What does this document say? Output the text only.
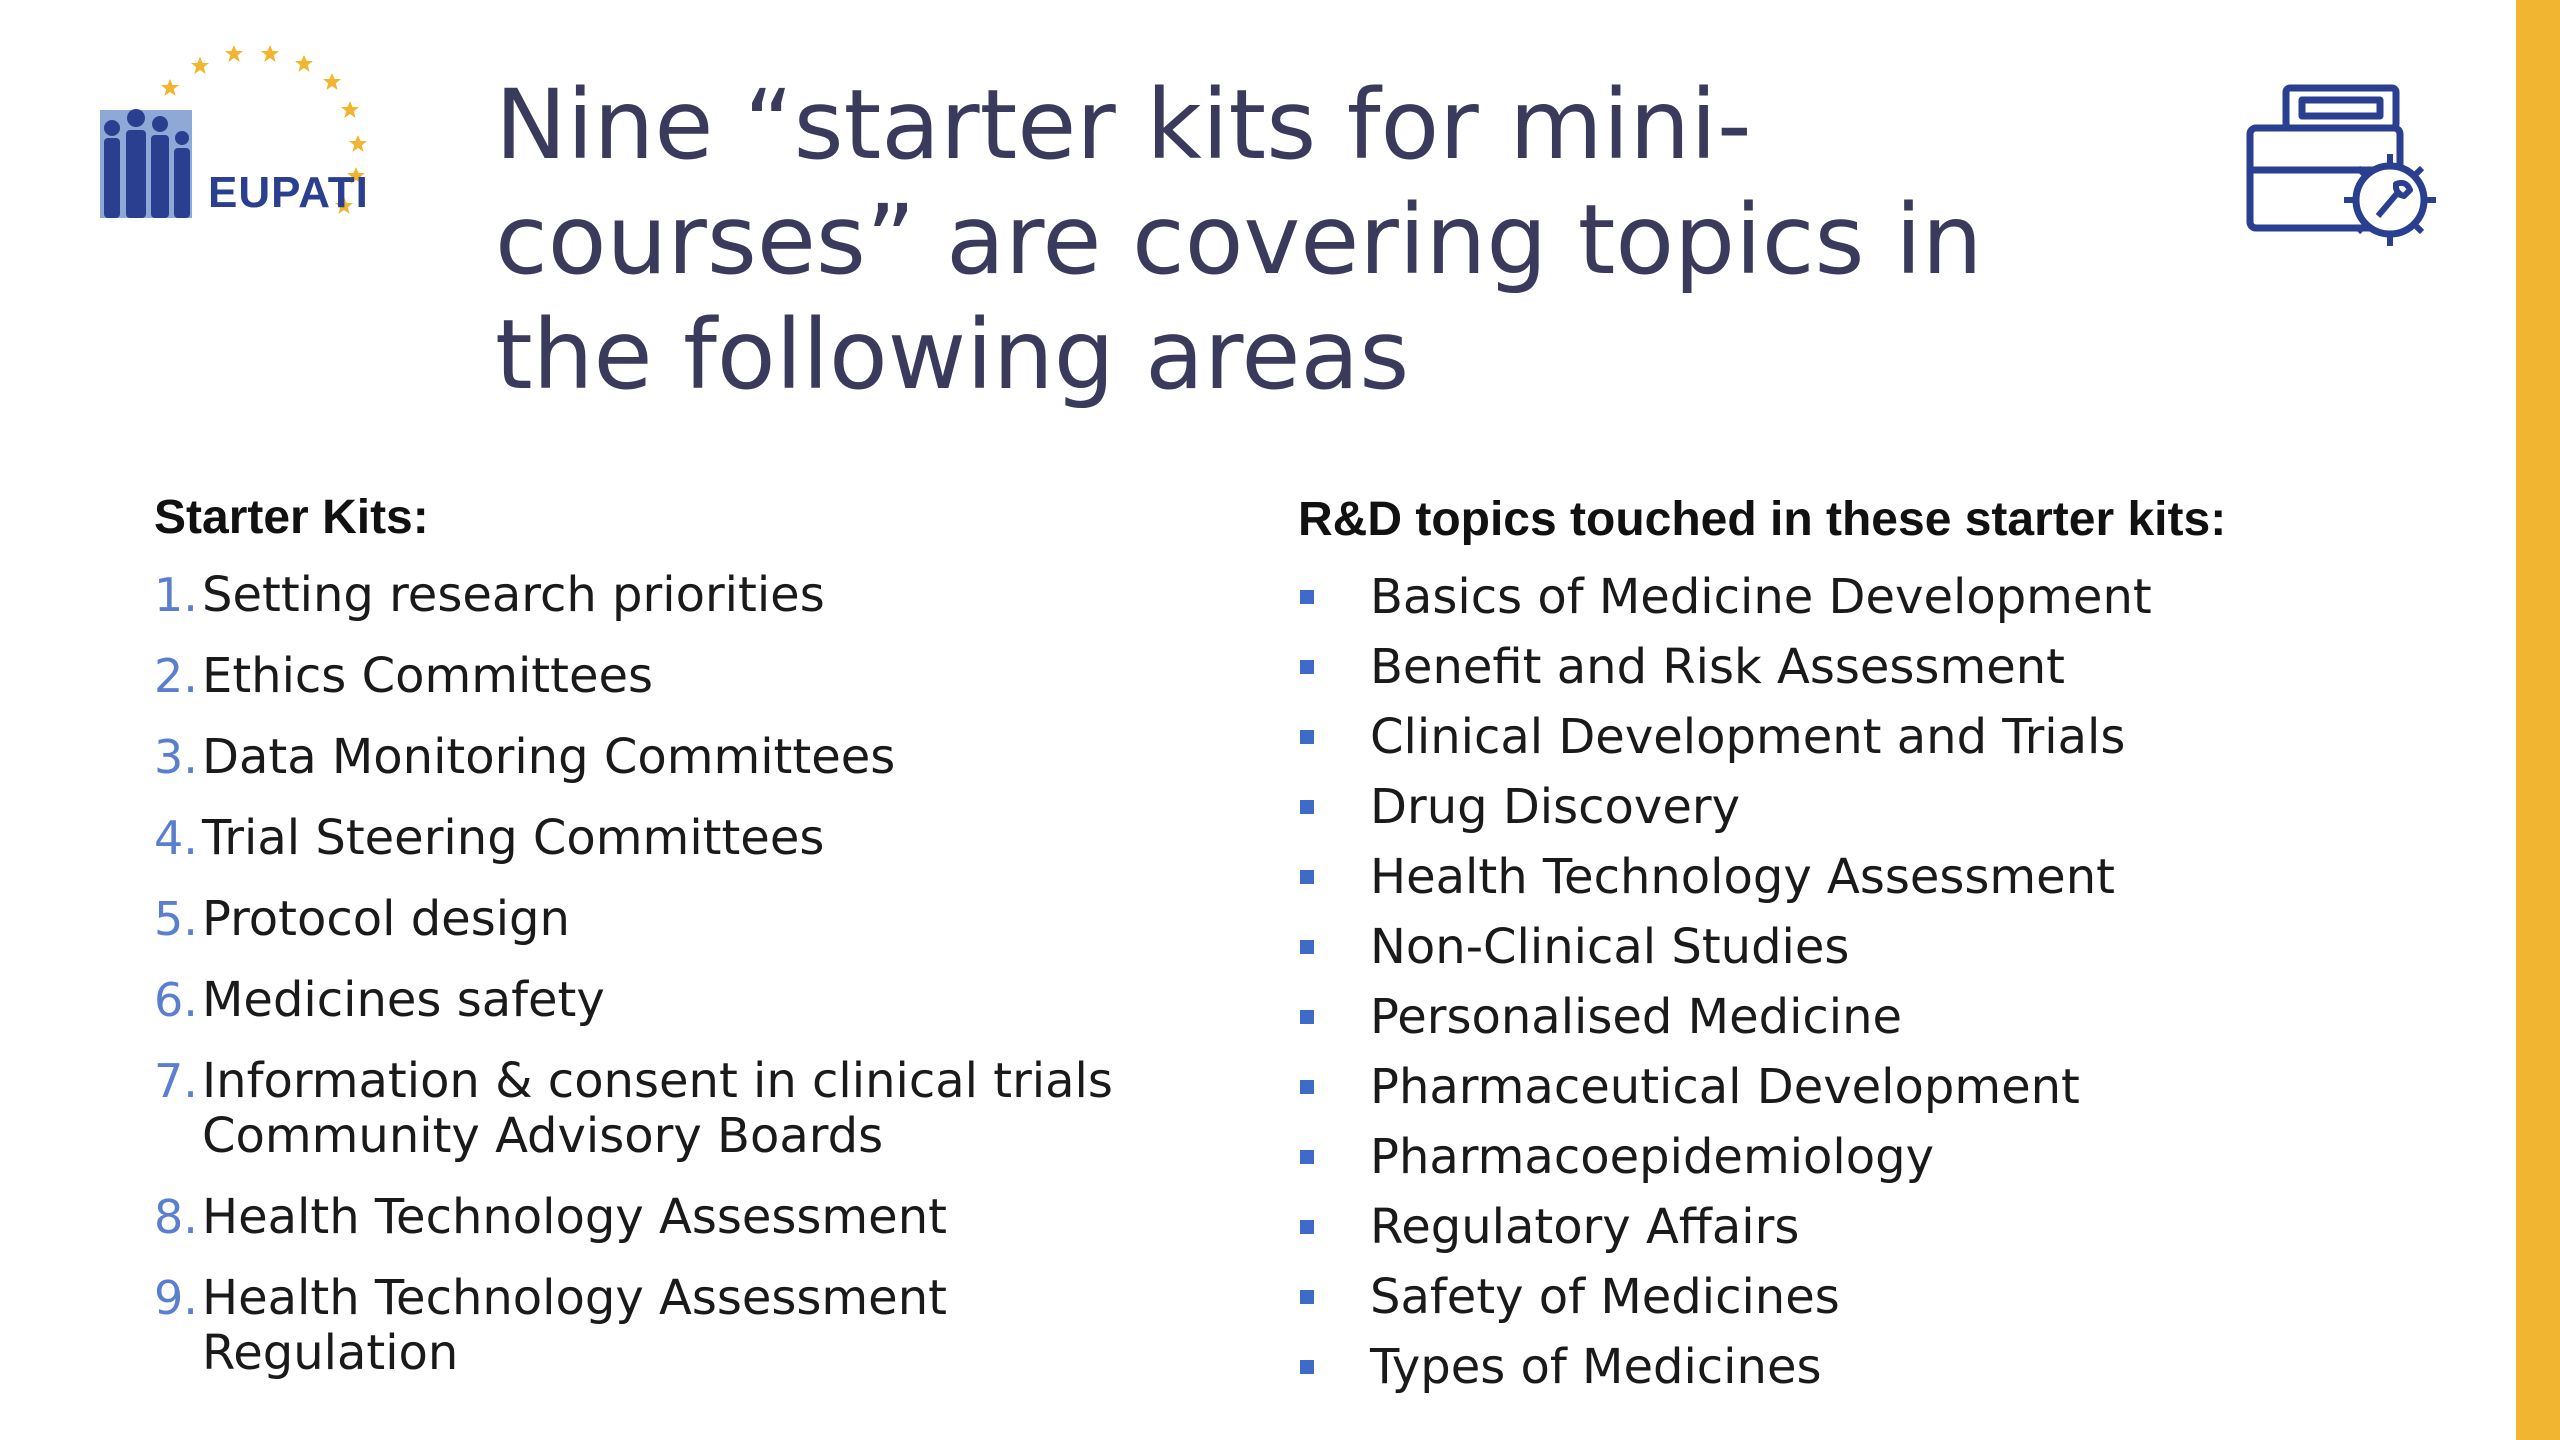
EUPATI
Nine “starter kits for mini-courses” are covering topics in the following areas
Starter Kits:
1. Setting research priorities
2. Ethics Committees
3. Data Monitoring Committees
4. Trial Steering Committees
5. Protocol design
6. Medicines safety
7. Information & consent in clinical trials
Community Advisory Boards
8. Health Technology Assessment
9. Health Technology Assessment
Regulation
R&D topics touched in these starter kits:
Basics of Medicine Development
Benefit and Risk Assessment
Clinical Development and Trials
Drug Discovery
Health Technology Assessment
Non-Clinical Studies
Personalised Medicine
Pharmaceutical Development
Pharmacoepidemiology
Regulatory Affairs
Safety of Medicines
Types of Medicines
